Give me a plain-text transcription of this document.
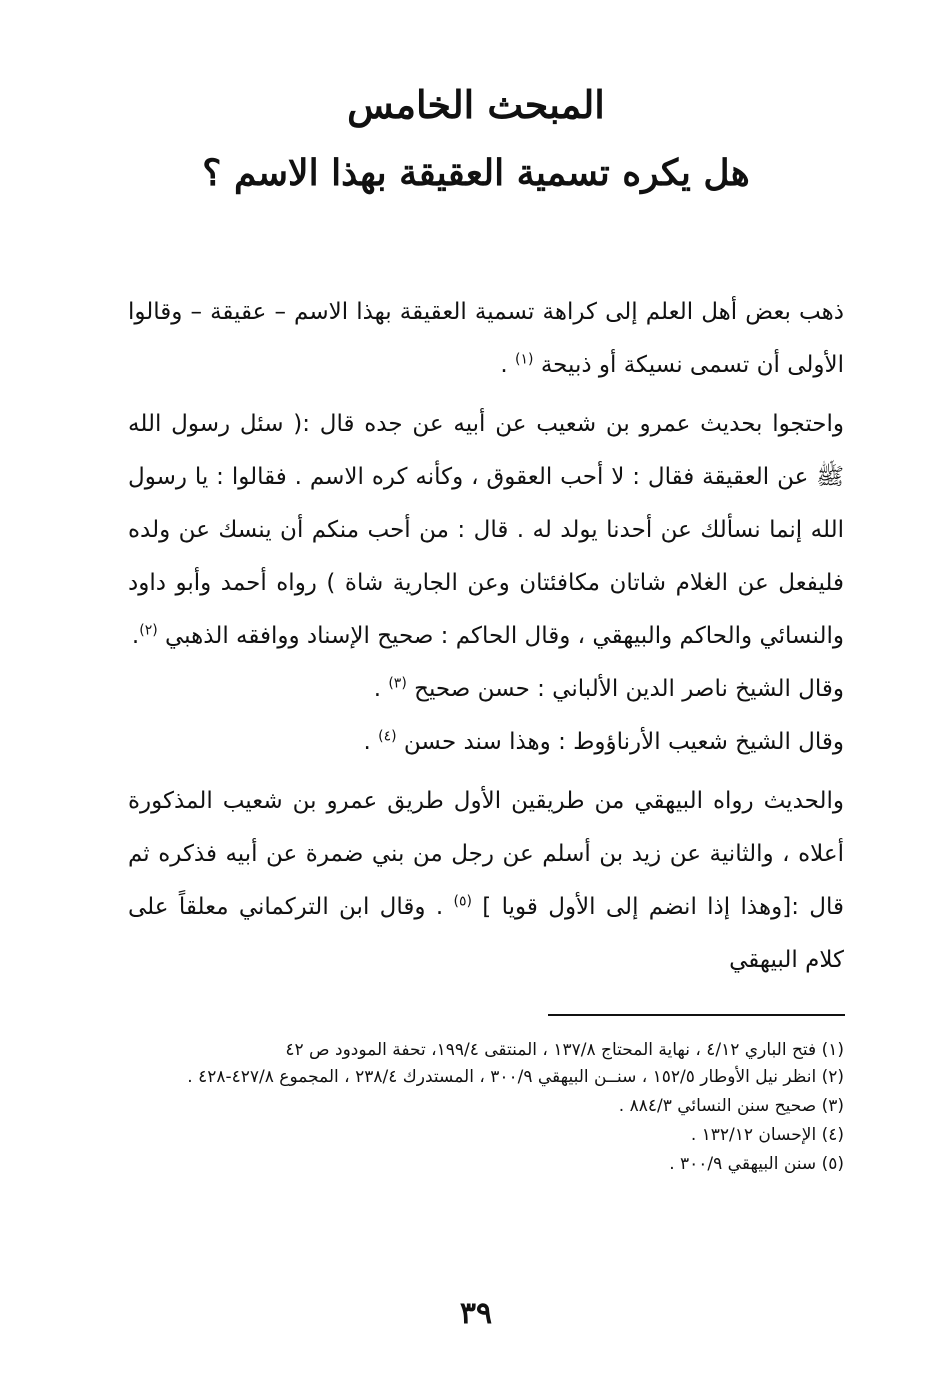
المبحث الخامس
هل يكره تسمية العقيقة بهذا الاسم ؟

ذهب بعض أهل العلم إلى كراهة تسمية العقيقة بهذا الاسم – عقيقة – وقالوا الأولى أن تسمى نسيكة أو ذبيحة $^{(١)}$ .

واحتجوا بحديث عمرو بن شعيب عن أبيه عن جده قال :( سئل رسول الله ﷺ عن العقيقة فقال : لا أحب العقوق ، وكأنه كره الاسم . فقالوا : يا رسول الله إنما نسألك عن أحدنا يولد له . قال : من أحب منكم أن ينسك عن ولده فليفعل عن الغلام شاتان مكافئتان وعن الجارية شاة ) رواه أحمد وأبو داود والنسائي والحاكم والبيهقي ، وقال الحاكم : صحيح الإسناد ووافقه الذهبي $^{(٢)}$.

وقال الشيخ ناصر الدين الألباني : حسن صحيح $^{(٣)}$ .

وقال الشيخ شعيب الأرناؤوط : وهذا سند حسن $^{(٤)}$ .

والحديث رواه البيهقي من طريقين الأول طريق عمرو بن شعيب المذكورة أعلاه ، والثانية عن زيد بن أسلم عن رجل من بني ضمرة عن أبيه فذكره ثم قال :[وهذا إذا انضم إلى الأول قويا ] $^{(٥)}$ . وقال ابن التركماني معلقاً على كلام البيهقي

(١) فتح الباري ٤/١٢ ، نهاية المحتاج ١٣٧/٨ ، المنتقى ١٩٩/٤، تحفة المودود ص ٤٢

(٢) انظر نيل الأوطار ١٥٢/٥ ، سنــن البيهقي ٣٠٠/٩ ، المستدرك ٢٣٨/٤ ، المجموع ٤٢٧/٨-٤٢٨ .

(٣) صحيح سنن النسائي ٨٨٤/٣ .

(٤) الإحسان ١٣٢/١٢ .

(٥) سنن البيهقي ٣٠٠/٩ .

٣٩
